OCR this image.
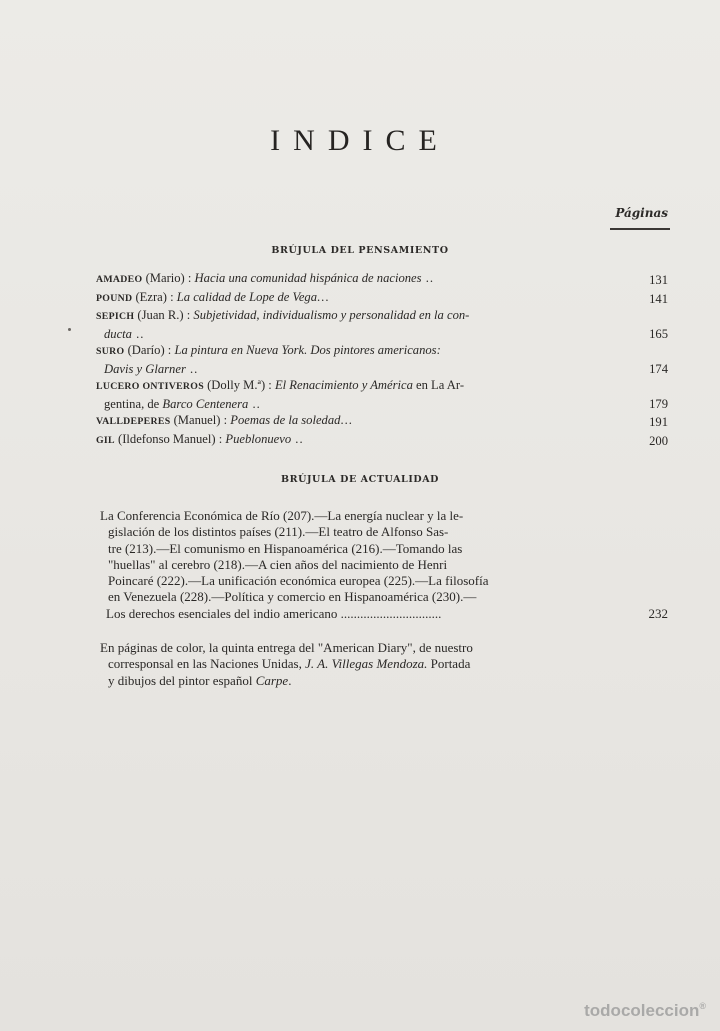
INDICE
Páginas
BRÚJULA DEL PENSAMIENTO
AMADEO (Mario) : Hacia una comunidad hispánica de naciones ..	131
POUND (Ezra) : La calidad de Lope de Vega...	141
SEPICH (Juan R.) : Subjetividad, individualismo y personalidad en la con-
ducta ..	165
SURO (Darío) : La pintura en Nueva York. Dos pintores americanos:
Davis y Glarner ..	174
LUCERO ONTIVEROS (Dolly M.ª) : El Renacimiento y América en La Ar-
gentina, de Barco Centenera ..	179
VALLDEPERES (Manuel) : Poemas de la soledad...	191
GIL (Ildefonso Manuel) : Pueblonuevo ..	200
BRÚJULA DE ACTUALIDAD
La Conferencia Económica de Río (207).—La energía nuclear y la le-
gislación de los distintos países (211).—El teatro de Alfonso Sas-
tre (213).—El comunismo en Hispanoamérica (216).—Tomando las
"huellas" al cerebro (218).—A cien años del nacimiento de Henri
Poincaré (222).—La unificación económica europea (225).—La filosofía
en Venezuela (228).—Política y comercio en Hispanoamérica (230).—
Los derechos esenciales del indio americano ...............................	232
En páginas de color, la quinta entrega del "American Diary", de nuestro
corresponsal en las Naciones Unidas, J. A. Villegas Mendoza. Portada
y dibujos del pintor español Carpe.
todocoleccion®
